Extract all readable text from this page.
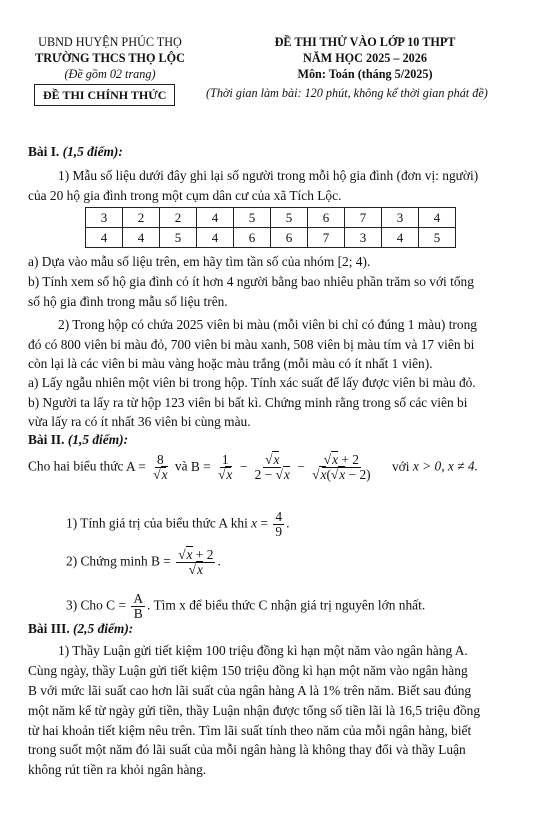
UBND HUYỆN PHÚC THỌ
TRƯỜNG THCS THỌ LỘC
(Đề gồm 02 trang)
ĐỀ THI CHÍNH THỨC
ĐỀ THI THỬ VÀO LỚP 10 THPT
NĂM HỌC 2025 – 2026
Môn: Toán (tháng 5/2025)
(Thời gian làm bài: 120 phút, không kể thời gian phát đề)
Bài I. (1,5 điểm):
1) Mẫu số liệu dưới đây ghi lại số người trong mỗi hộ gia đình (đơn vị: người)
của 20 hộ gia đình trong một cụm dân cư của xã Tích Lộc.
3	2	2	4	5	5	6	7	3	4
4	4	5	4	6	6	7	3	4	5
a) Dựa vào mẫu số liệu trên, em hãy tìm tần số của nhóm [2; 4).
b) Tính xem số hộ gia đình có ít hơn 4 người bằng bao nhiêu phần trăm so với tổng
số hộ gia đình trong mẫu số liệu trên.
2) Trong hộp có chứa 2025 viên bi màu (mỗi viên bi chỉ có đúng 1 màu) trong
đó có 800 viên bi màu đỏ, 700 viên bi màu xanh, 508 viên bị màu tím và 17 viên bi
còn lại là các viên bi màu vàng hoặc màu trắng (mỗi màu có ít nhất 1 viên).
a) Lấy ngẫu nhiên một viên bi trong hộp. Tính xác suất để lấy được viên bi màu đỏ.
b) Người ta lấy ra từ hộp 123 viên bi bất kì. Chứng minh rằng trong số các viên bi
vừa lấy ra có ít nhất 36 viên bi cùng màu.
Bài II. (1,5 điểm):
Cho hai biểu thức $A = \frac{8}{√x}$ và $B = \frac{1}{√x} - \frac{√x}{2 - √x} - \frac{√x + 2}{√x(√x - 2)}$ với x > 0, x ≠ 4.
1) Tính giá trị của biểu thức A khi $x = \frac{4}{9}$ .
2) Chứng minh $B = \frac{√x + 2}{√x}$ .
3) Cho $C = \frac{A}{B}$ . Tìm x để biểu thức C nhận giá trị nguyên lớn nhất.
Bài III. (2,5 điểm):
1) Thầy Luận gửi tiết kiệm 100 triệu đồng kì hạn một năm vào ngân hàng A.
Cùng ngày, thầy Luận gửi tiết kiệm 150 triệu đồng kì hạn một năm vào ngân hàng
B với mức lãi suất cao hơn lãi suất của ngân hàng A là 1% trên năm. Biết sau đúng
một năm kể từ ngày gửi tiền, thầy Luận nhận được tổng số tiền lãi là 16,5 triệu đồng
từ hai khoản tiết kiệm nêu trên. Tìm lãi suất tính theo năm của mỗi ngân hàng, biết
trong suốt một năm đó lãi suất của mỗi ngân hàng là không thay đổi và thầy Luận
không rút tiền ra khỏi ngân hàng.
